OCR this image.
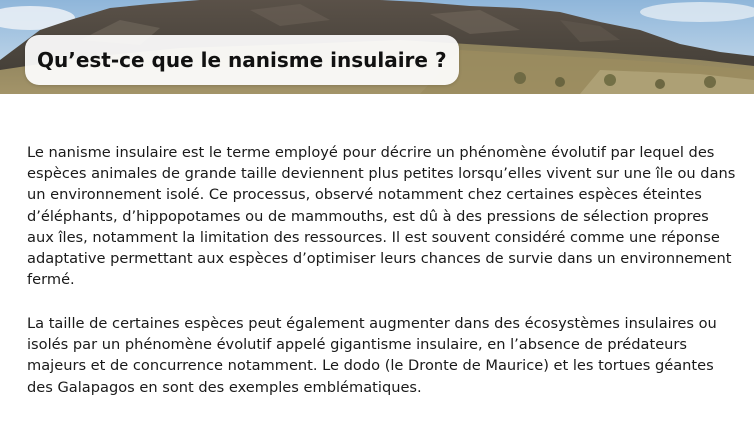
Qu’est-ce que le nanisme insulaire ?

Le nanisme insulaire est le terme employé pour décrire un phénomène évolutif par lequel des espèces animales de grande taille deviennent plus petites lorsqu’elles vivent sur une île ou dans un environnement isolé. Ce processus, observé notamment chez certaines espèces éteintes d’éléphants, d’hippopotames ou de mammouths, est dû à des pressions de sélection propres aux îles, notamment la limitation des ressources. Il est souvent considéré comme une réponse adaptative permettant aux espèces d’optimiser leurs chances de survie dans un environnement fermé.

La taille de certaines espèces peut également augmenter dans des écosystèmes insulaires ou isolés par un phénomène évolutif appelé gigantisme insulaire, en l’absence de prédateurs majeurs et de concurrence notamment. Le dodo (le Dronte de Maurice) et les tortues géantes des Galapagos en sont des exemples emblématiques.
